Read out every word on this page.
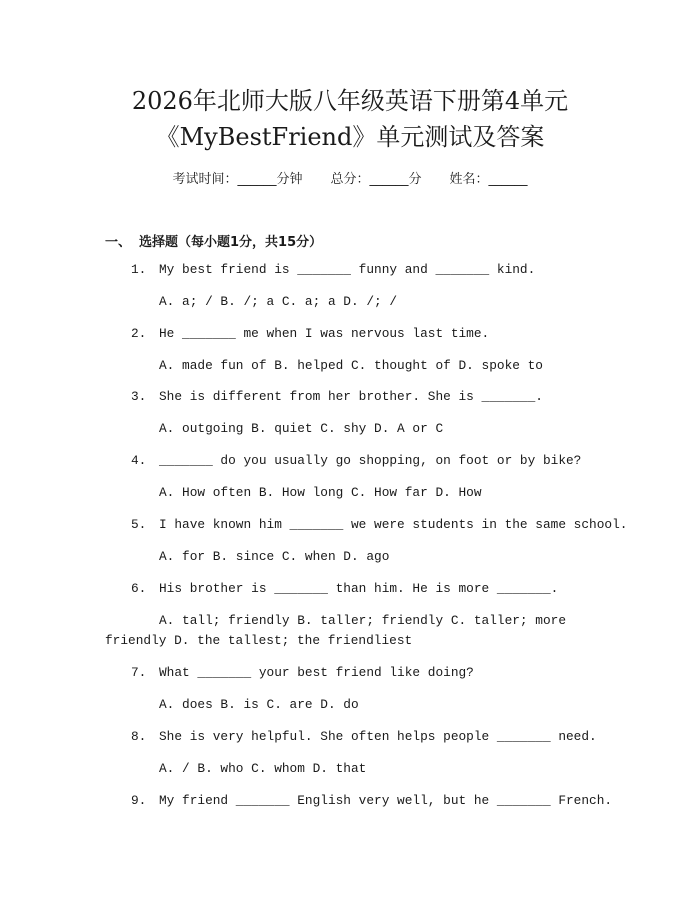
2026年北师大版八年级英语下册第4单元
《MyBestFriend》单元测试及答案
考试时间：______分钟 总分：______分 姓名：______
一、 选择题（每小题1分，共15分）
1. My best friend is _______ funny and _______ kind.
A. a; / B. /; a C. a; a D. /; /
2. He _______ me when I was nervous last time.
A. made fun of B. helped C. thought of D. spoke to
3. She is different from her brother. She is _______.
A. outgoing B. quiet C. shy D. A or C
4. _______ do you usually go shopping, on foot or by bike?
A. How often B. How long C. How far D. How
5. I have known him _______ we were students in the same school.
A. for B. since C. when D. ago
6. His brother is _______ than him. He is more _______.
A. tall; friendly B. taller; friendly C. taller; more friendly D. the tallest; the friendliest
7. What _______ your best friend like doing?
A. does B. is C. are D. do
8. She is very helpful. She often helps people _______ need.
A. / B. who C. whom D. that
9. My friend _______ English very well, but he _______ French.
